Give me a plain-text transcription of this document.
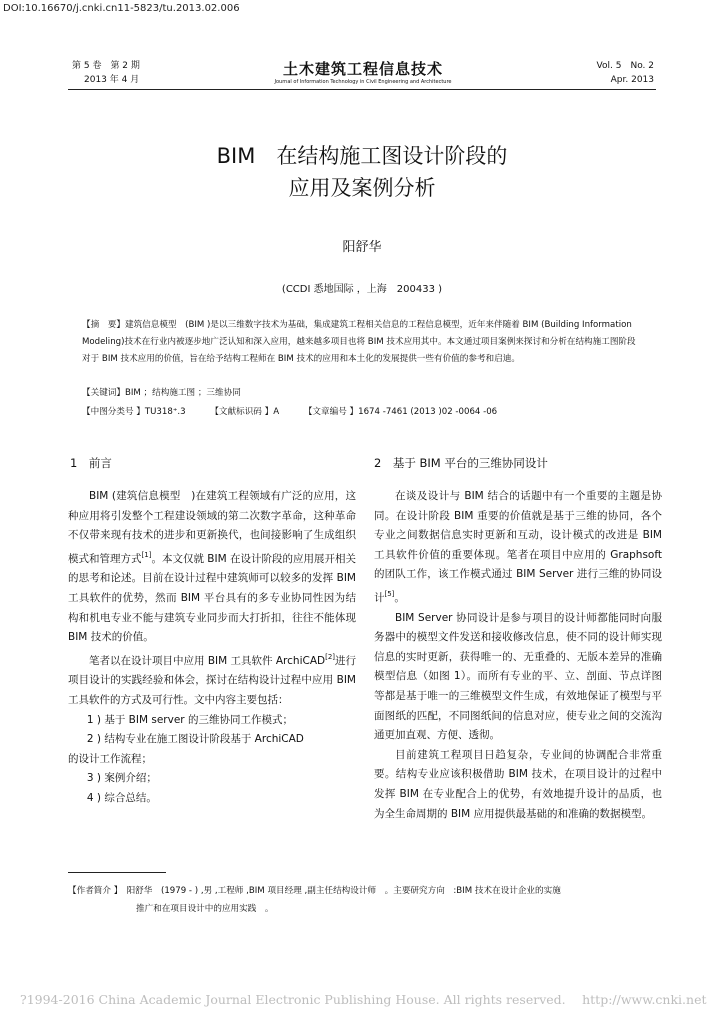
DOI:10.16670/j.cnki.cn11-5823/tu.2013.02.006
第 5 卷　第 2 期
2013 年 4 月
土木建筑工程信息技术
Journal of Information Technology in Civil Engineering and Architecture
Vol. 5　No. 2
Apr. 2013
BIM　在结构施工图设计阶段的
应用及案例分析
阳舒华
(CCDI 悉地国际 ，上海　200433 )

【摘　要】建筑信息模型　(BIM )是以三维数字技术为基础，集成建筑工程相关信息的工程信息模型，近年来伴随着 BIM (Building Information Modeling)技术在行业内被逐步地广泛认知和深入应用，越来越多项目也将 BIM 技术应用其中。本文通过项目案例来探讨和分析在结构施工图阶段对于 BIM 技术应用的价值，旨在给予结构工程师在 BIM 技术的应用和本土化的发展提供一些有价值的参考和启迪。

【关键词】BIM ；结构施工图 ；三维协同
【中图分类号 】TU318⁺.3	【文献标识码 】A	【文章编号 】1674 -7461 (2013 )02 -0064 -06
1　前言	2　基于 BIM 平台的三维协同设计

BIM (建筑信息模型　)在建筑工程领域有广泛的应用，这种应用将引发整个工程建设领域的第二次数字革命，这种革命不仅带来现有技术的进步和更新换代，也间接影响了生成组织模式和管理方式[1]。本文仅就 BIM 在设计阶段的应用展开相关的思考和论述。目前在设计过程中建筑师可以较多的发挥 BIM 工具软件的优势，然而 BIM 平台具有的多专业协同性因为结构和机电专业不能与建筑专业同步而大打折扣，往往不能体现 BIM 技术的价值。

笔者以在设计项目中应用 BIM 工具软件 ArchiCAD[2]进行项目设计的实践经验和体会，探讨在结构设计过程中应用 BIM 工具软件的方式及可行性。文中内容主要包括：

1 ) 基于 BIM server 的三维协同工作模式；
2 ) 结构专业在施工图设计阶段基于 ArchiCAD
的设计工作流程；
3 ) 案例介绍；
4 ) 综合总结。

在谈及设计与 BIM 结合的话题中有一个重要的主题是协同。在设计阶段 BIM 重要的价值就是基于三维的协同，各个专业之间数据信息实时更新和互动，设计模式的改进是 BIM 工具软件价值的重要体现。笔者在项目中应用的 Graphsoft 的团队工作，该工作模式通过 BIM Server 进行三维的协同设计[5]。

BIM Server 协同设计是参与项目的设计师都能同时向服务器中的模型文件发送和接收修改信息，使不同的设计师实现信息的实时更新，获得唯一的、无重叠的、无版本差异的准确模型信息（如图 1）。而所有专业的平、立、剖面、节点详图等都是基于唯一的三维模型文件生成，有效地保证了模型与平面图纸的匹配，不同图纸间的信息对应，使专业之间的交流沟通更加直观、方便、透彻。

目前建筑工程项目日趋复杂，专业间的协调配合非常重要。结构专业应该积极借助 BIM 技术，在项目设计的过程中发挥 BIM 在专业配合上的优势，有效地提升设计的品质，也为全生命周期的 BIM 应用提供最基础的和准确的数据模型。

【作者简介 】　阳舒华　(1979 - ) ,男 ,工程师 ,BIM 项目经理 ,副主任结构设计师　。主要研究方向　:BIM 技术在设计企业的实施
推广和在项目设计中的应用实践　。
?1994-2016 China Academic Journal Electronic Publishing House. All rights reserved.　 http://www.cnki.net
